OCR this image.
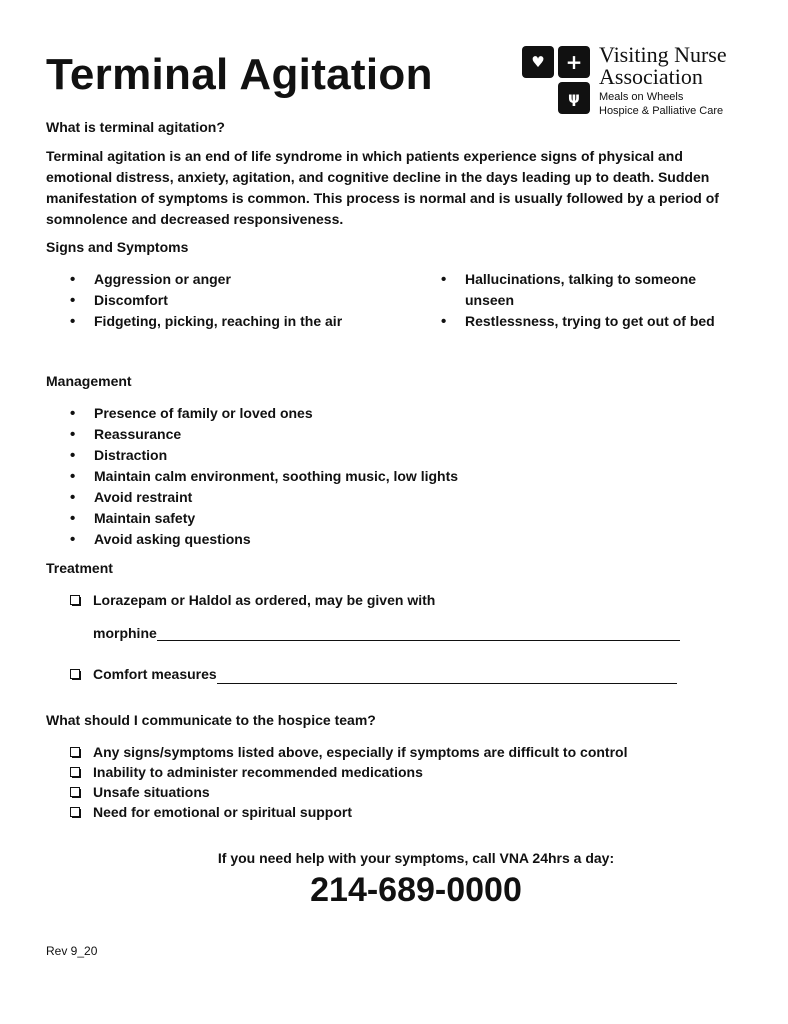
Terminal Agitation	♥	+
ψ
Visiting Nurse
Association
Meals on Wheels
Hospice & Palliative Care
What is terminal agitation?
Terminal agitation is an end of life syndrome in which patients experience signs of physical and emotional distress, anxiety, agitation, and cognitive decline in the days leading up to death. Sudden manifestation of symptoms is common. This process is normal and is usually followed by a period of somnolence and decreased responsiveness.
Signs and Symptoms
• Aggression or anger
• Discomfort
• Fidgeting, picking, reaching in the air
• Hallucinations, talking to someone unseen
• Restlessness, trying to get out of bed
Management
• Presence of family or loved ones
• Reassurance
• Distraction
• Maintain calm environment, soothing music, low lights
• Avoid restraint
• Maintain safety
• Avoid asking questions
Treatment
Lorazepam or Haldol as ordered, may be given with
morphine
Comfort measures
What should I communicate to the hospice team?
Any signs/symptoms listed above, especially if symptoms are difficult to control
Inability to administer recommended medications
Unsafe situations
Need for emotional or spiritual support
If you need help with your symptoms, call VNA 24hrs a day:
214-689-0000
Rev 9_20
